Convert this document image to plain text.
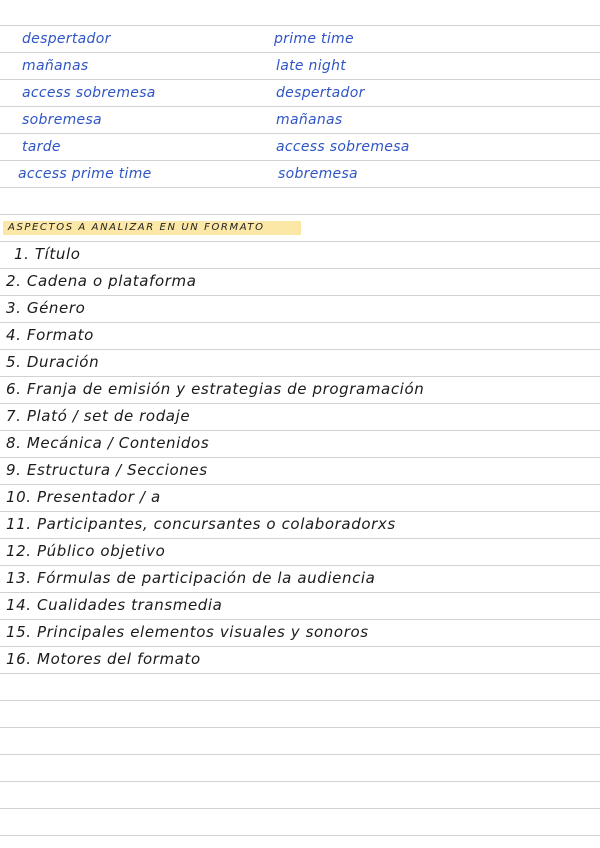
despertador
mañanas
access sobremesa
sobremesa
tarde
access prime time
prime time
late night
despertador
mañanas
access sobremesa
sobremesa
ASPECTOS A ANALIZAR EN UN FORMATO
1. Título
2. Cadena o plataforma
3. Género
4. Formato
5. Duración
6. Franja de emisión y estrategias de programación
7. Plató / set de rodaje
8. Mecánica / Contenidos
9. Estructura / Secciones
10. Presentador / a
11. Participantes, concursantes o colaboradorxs
12. Público objetivo
13. Fórmulas de participación de la audiencia
14. Cualidades transmedia
15. Principales elementos visuales y sonoros
16. Motores del formato
